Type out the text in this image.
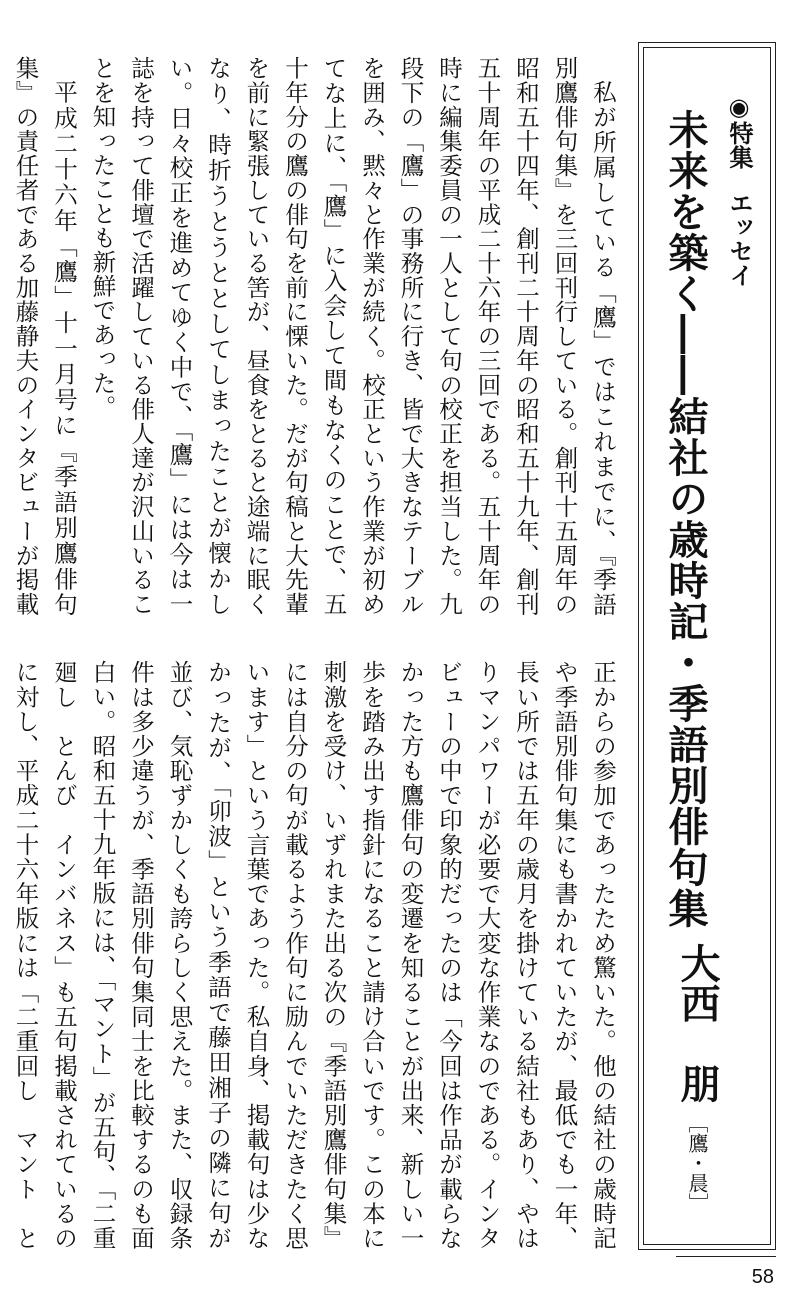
◉特集エッセイ
未来を築く――結社の歳時記・季語別俳句集
大西　朋［鷹・晨］

私が所属している「鷹」ではこれまでに、『季語別鷹俳句集』を三回刊行している。創刊十五周年の昭和五十四年、創刊二十周年の昭和五十九年、創刊五十周年の平成二十六年の三回である。五十周年の時に編集委員の一人として句の校正を担当した。九段下の「鷹」の事務所に行き、皆で大きなテーブルを囲み、黙々と作業が続く。校正という作業が初めてな上に、「鷹」に入会して間もなくのことで、五十年分の鷹の俳句を前に慄いた。だが句稿と大先輩を前に緊張している筈が、昼食をとると途端に眠くなり、時折うとうととしてしまったことが懐かしい。日々校正を進めてゆく中で、「鷹」には今は一誌を持って俳壇で活躍している俳人達が沢山いることを知ったことも新鮮であった。

平成二十六年「鷹」十一月号に『季語別鷹俳句集』の責任者である加藤静夫のインタビューが掲載

正からの参加であったため驚いた。他の結社の歳時記や季語別俳句集にも書かれていたが、最低でも一年、長い所では五年の歳月を掛けている結社もあり、やはりマンパワーが必要で大変な作業なのである。インタビューの中で印象的だったのは「今回は作品が載らなかった方も鷹俳句の変遷を知ることが出来、新しい一歩を踏み出す指針になること請け合いです。この本に刺激を受け、いずれまた出る次の『季語別鷹俳句集』には自分の句が載るよう作句に励んでいただきたく思います」という言葉であった。私自身、掲載句は少なかったが、「卯波」という季語で藤田湘子の隣に句が並び、気恥ずかしくも誇らしく思えた。また、収録条件は多少違うが、季語別俳句集同士を比較するのも面白い。昭和五十九年版には、「マント」が五句、「二重廻し　とんび　インバネス」も五句掲載されているのに対し、平成二十六年版には「二重回し　マント　と

58
